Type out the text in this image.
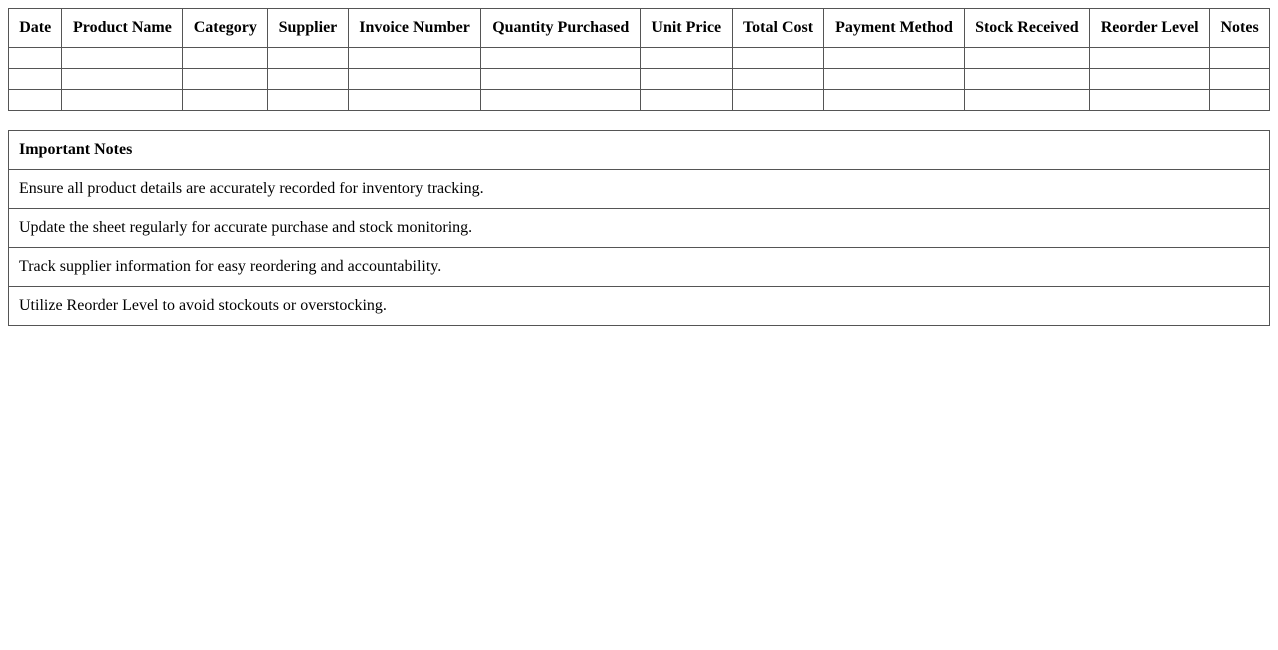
Date	Product Name	Category	Supplier	Invoice Number	Quantity Purchased	Unit Price	Total Cost	Payment Method	Stock Received	Reorder Level	Notes

Important Notes
Ensure all product details are accurately recorded for inventory tracking.
Update the sheet regularly for accurate purchase and stock monitoring.
Track supplier information for easy reordering and accountability.
Utilize Reorder Level to avoid stockouts or overstocking.
